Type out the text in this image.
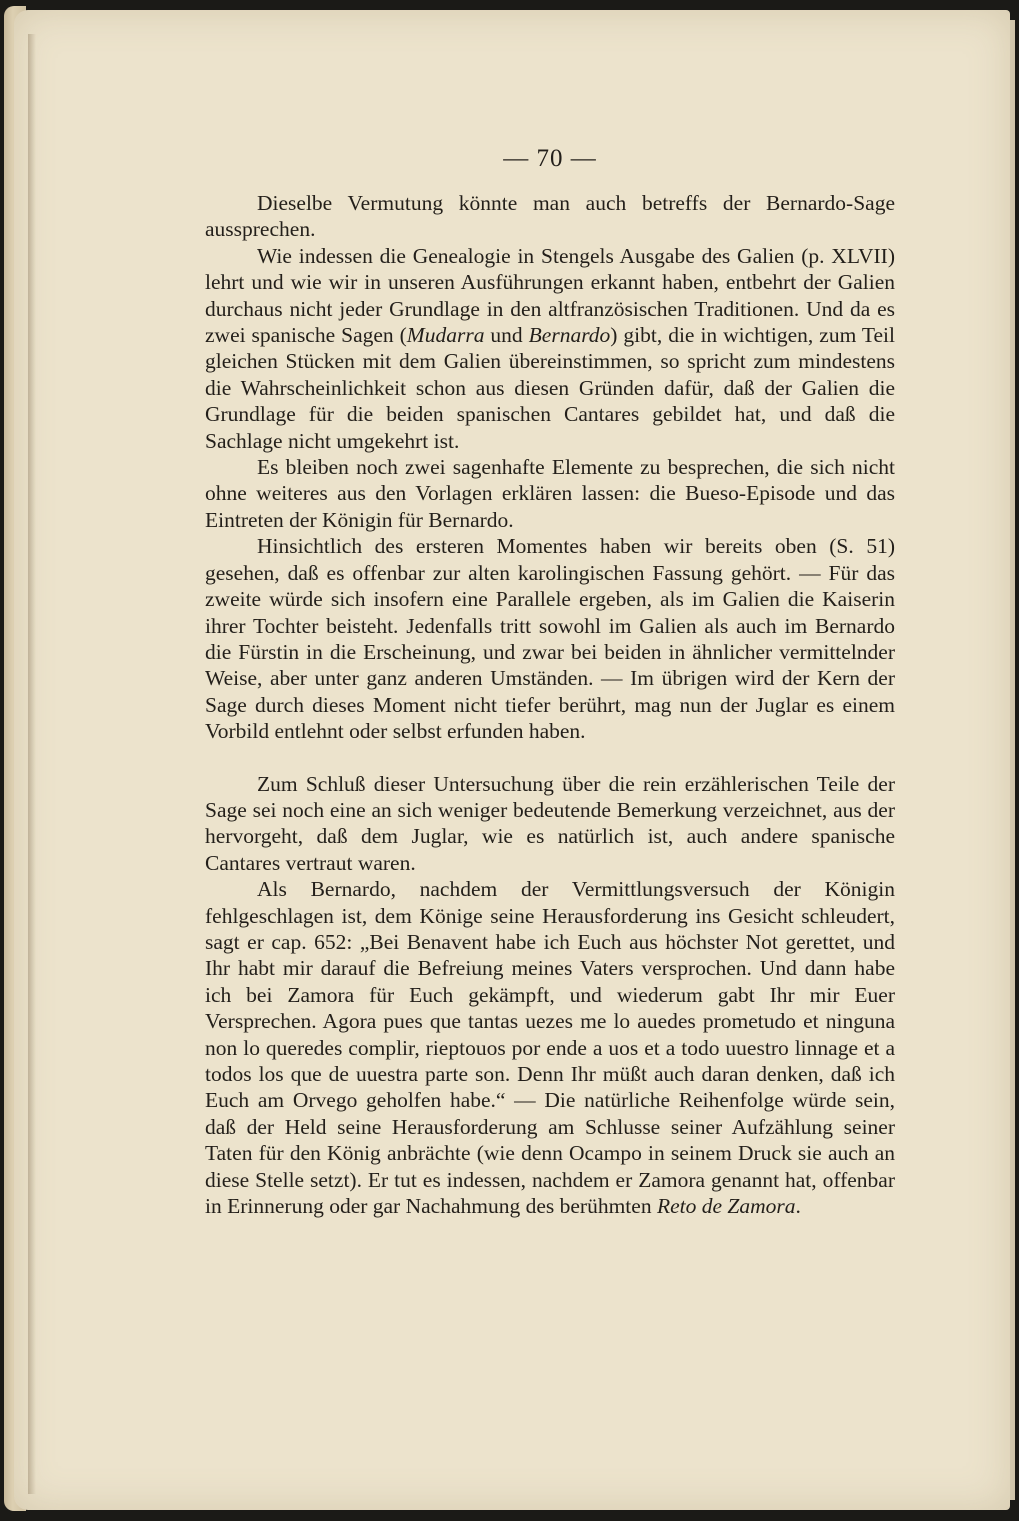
— 70 —

Dieselbe Vermutung könnte man auch betreffs der Bernardo-Sage aussprechen.

Wie indessen die Genealogie in Stengels Ausgabe des Galien (p. XLVII) lehrt und wie wir in unseren Ausführungen erkannt haben, entbehrt der Galien durchaus nicht jeder Grundlage in den altfranzösischen Traditionen. Und da es zwei spanische Sagen (Mudarra und Bernardo) gibt, die in wichtigen, zum Teil gleichen Stücken mit dem Galien übereinstimmen, so spricht zum mindestens die Wahrscheinlichkeit schon aus diesen Gründen dafür, daß der Galien die Grundlage für die beiden spanischen Cantares gebildet hat, und daß die Sachlage nicht umgekehrt ist.

Es bleiben noch zwei sagenhafte Elemente zu besprechen, die sich nicht ohne weiteres aus den Vorlagen erklären lassen: die Bueso-Episode und das Eintreten der Königin für Bernardo.

Hinsichtlich des ersteren Momentes haben wir bereits oben (S. 51) gesehen, daß es offenbar zur alten karolingischen Fassung gehört. — Für das zweite würde sich insofern eine Parallele ergeben, als im Galien die Kaiserin ihrer Tochter beisteht. Jedenfalls tritt sowohl im Galien als auch im Bernardo die Fürstin in die Erscheinung, und zwar bei beiden in ähnlicher vermittelnder Weise, aber unter ganz anderen Umständen. — Im übrigen wird der Kern der Sage durch dieses Moment nicht tiefer berührt, mag nun der Juglar es einem Vorbild entlehnt oder selbst erfunden haben.

Zum Schluß dieser Untersuchung über die rein erzählerischen Teile der Sage sei noch eine an sich weniger bedeutende Bemerkung verzeichnet, aus der hervorgeht, daß dem Juglar, wie es natürlich ist, auch andere spanische Cantares vertraut waren.

Als Bernardo, nachdem der Vermittlungsversuch der Königin fehlgeschlagen ist, dem Könige seine Herausforderung ins Gesicht schleudert, sagt er cap. 652: „Bei Benavent habe ich Euch aus höchster Not gerettet, und Ihr habt mir darauf die Befreiung meines Vaters versprochen. Und dann habe ich bei Zamora für Euch gekämpft, und wiederum gabt Ihr mir Euer Versprechen. Agora pues que tantas uezes me lo auedes prometudo et ninguna non lo queredes complir, rieptouos por ende a uos et a todo uuestro linnage et a todos los que de uuestra parte son. Denn Ihr müßt auch daran denken, daß ich Euch am Orvego geholfen habe.“ — Die natürliche Reihenfolge würde sein, daß der Held seine Herausforderung am Schlusse seiner Aufzählung seiner Taten für den König anbrächte (wie denn Ocampo in seinem Druck sie auch an diese Stelle setzt). Er tut es indessen, nachdem er Zamora genannt hat, offenbar in Erinnerung oder gar Nachahmung des berühmten Reto de Zamora.
